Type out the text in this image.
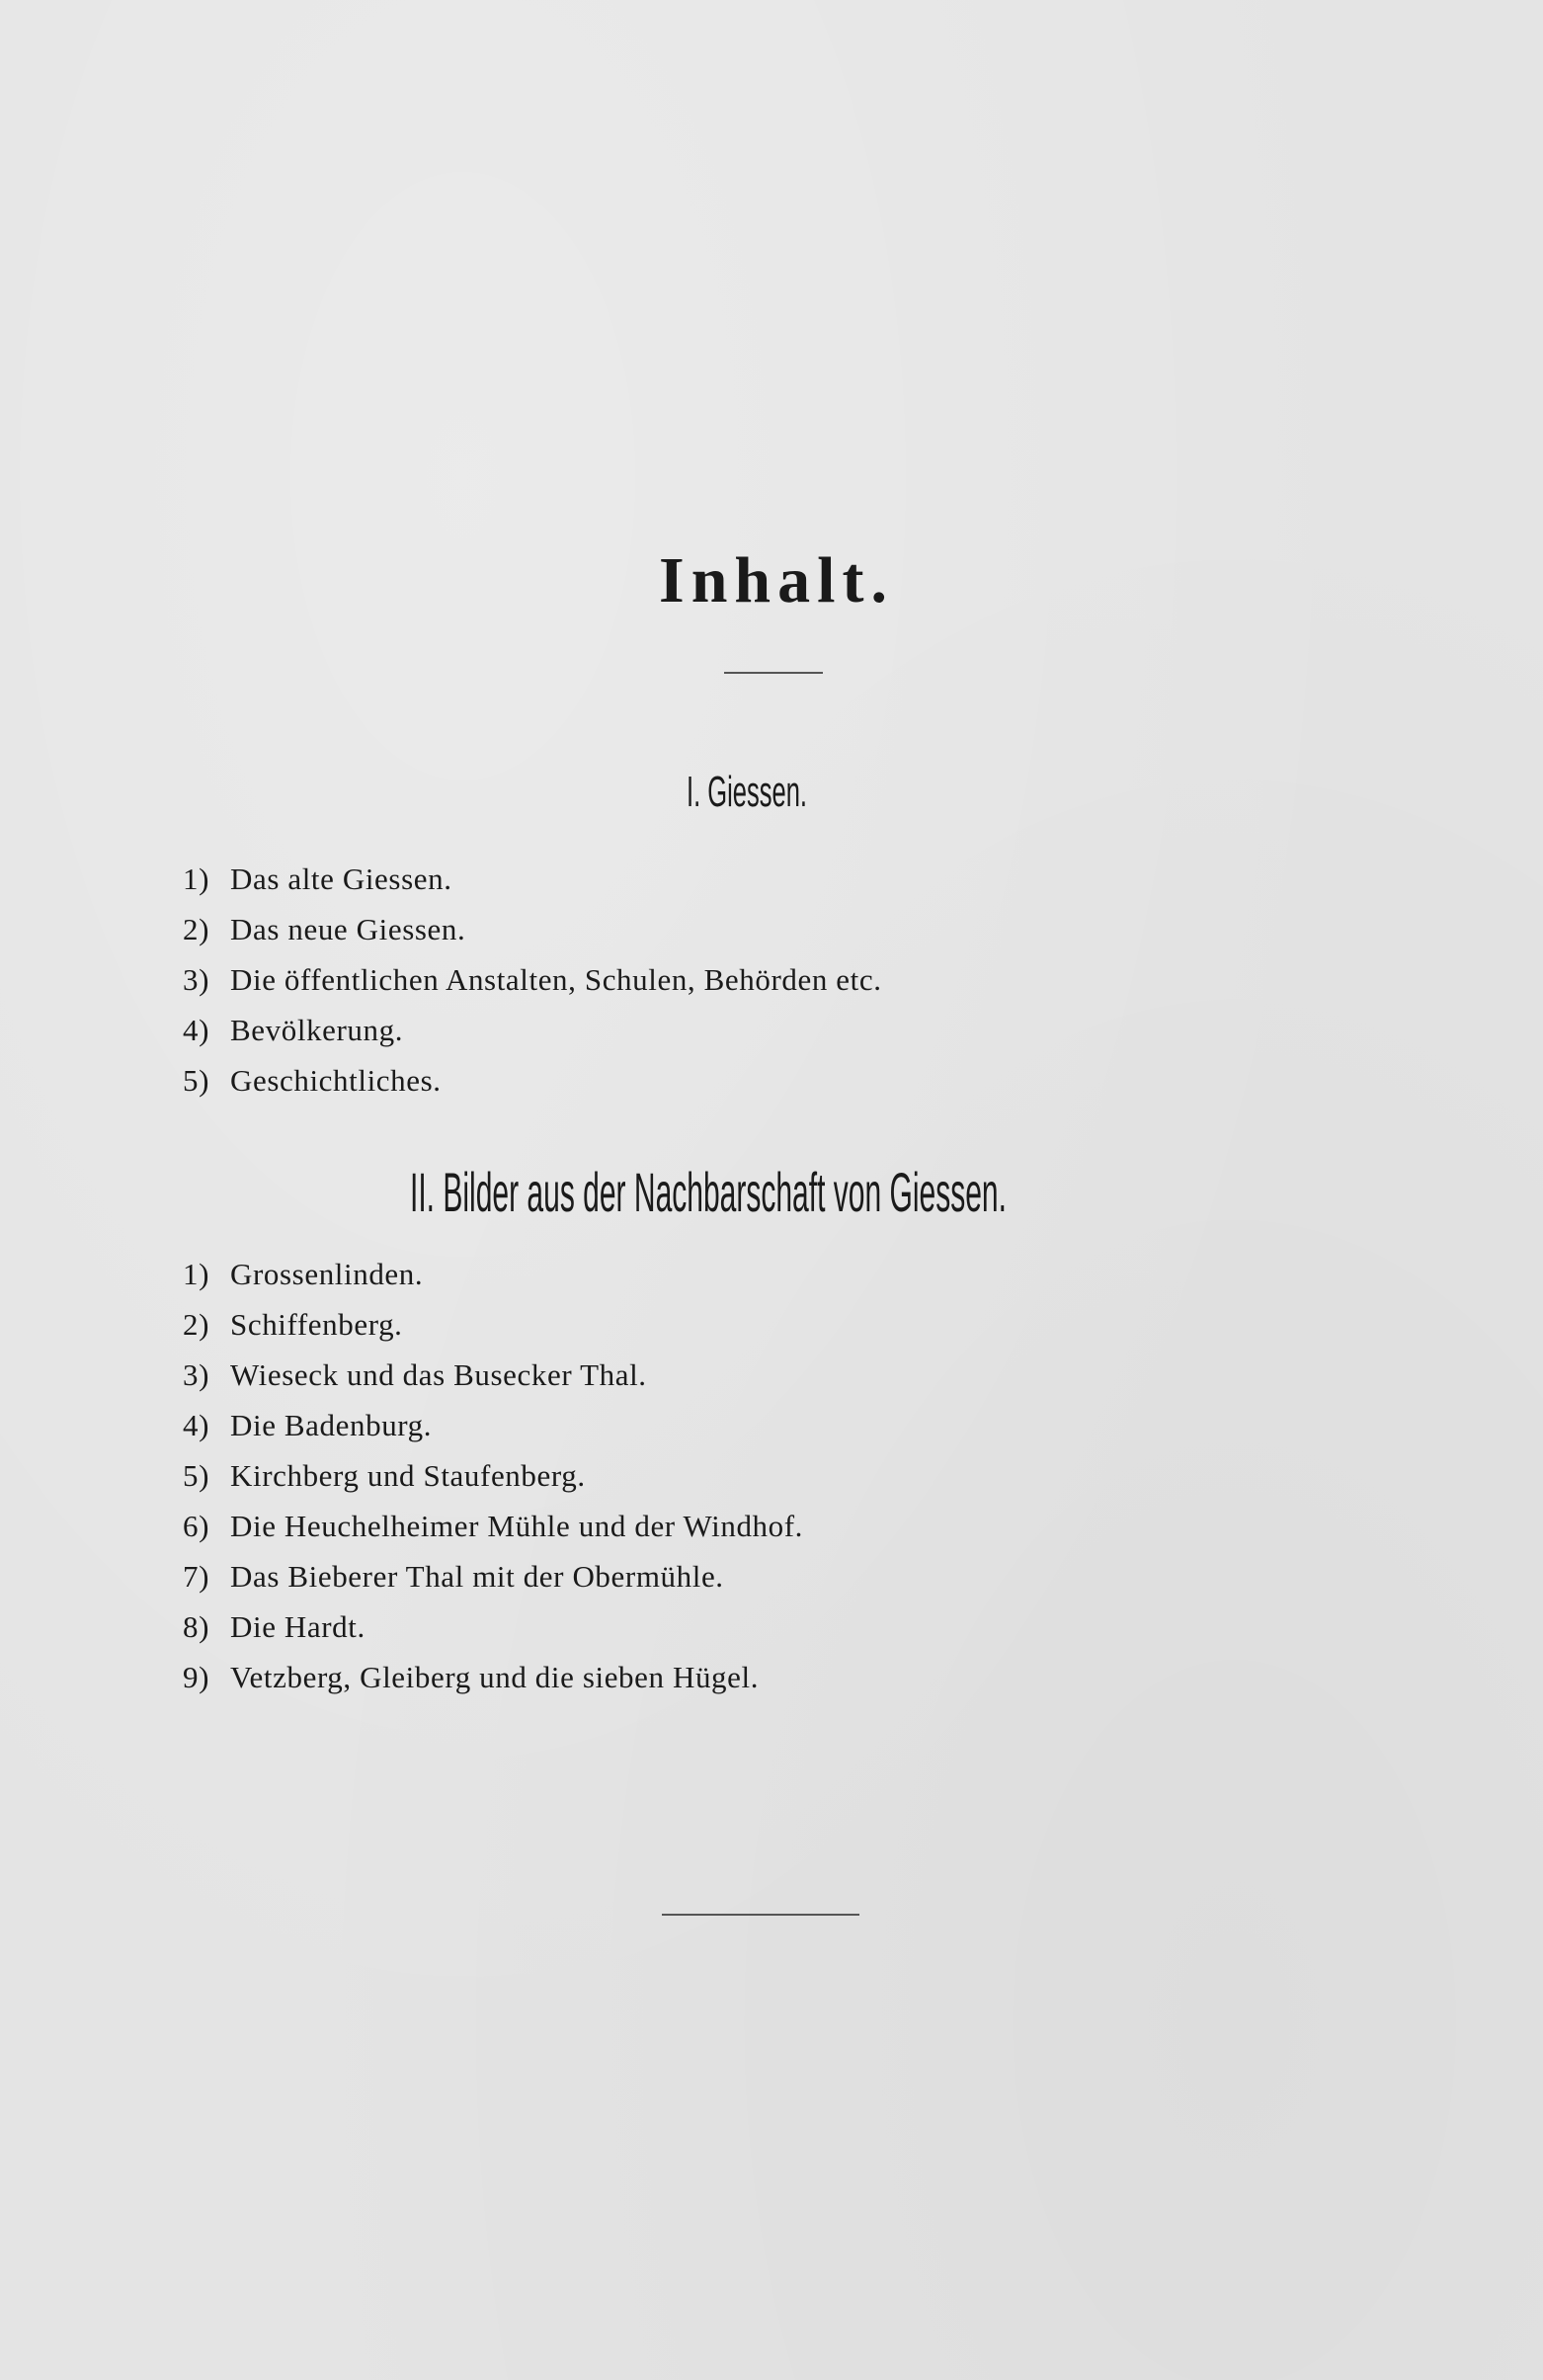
Inhalt.
I. Giessen.
1) Das alte Giessen.
2) Das neue Giessen.
3) Die öffentlichen Anstalten, Schulen, Behörden etc.
4) Bevölkerung.
5) Geschichtliches.
II. Bilder aus der Nachbarschaft von Giessen.
1) Grossenlinden.
2) Schiffenberg.
3) Wieseck und das Busecker Thal.
4) Die Badenburg.
5) Kirchberg und Staufenberg.
6) Die Heuchelheimer Mühle und der Windhof.
7) Das Bieberer Thal mit der Obermühle.
8) Die Hardt.
9) Vetzberg, Gleiberg und die sieben Hügel.
